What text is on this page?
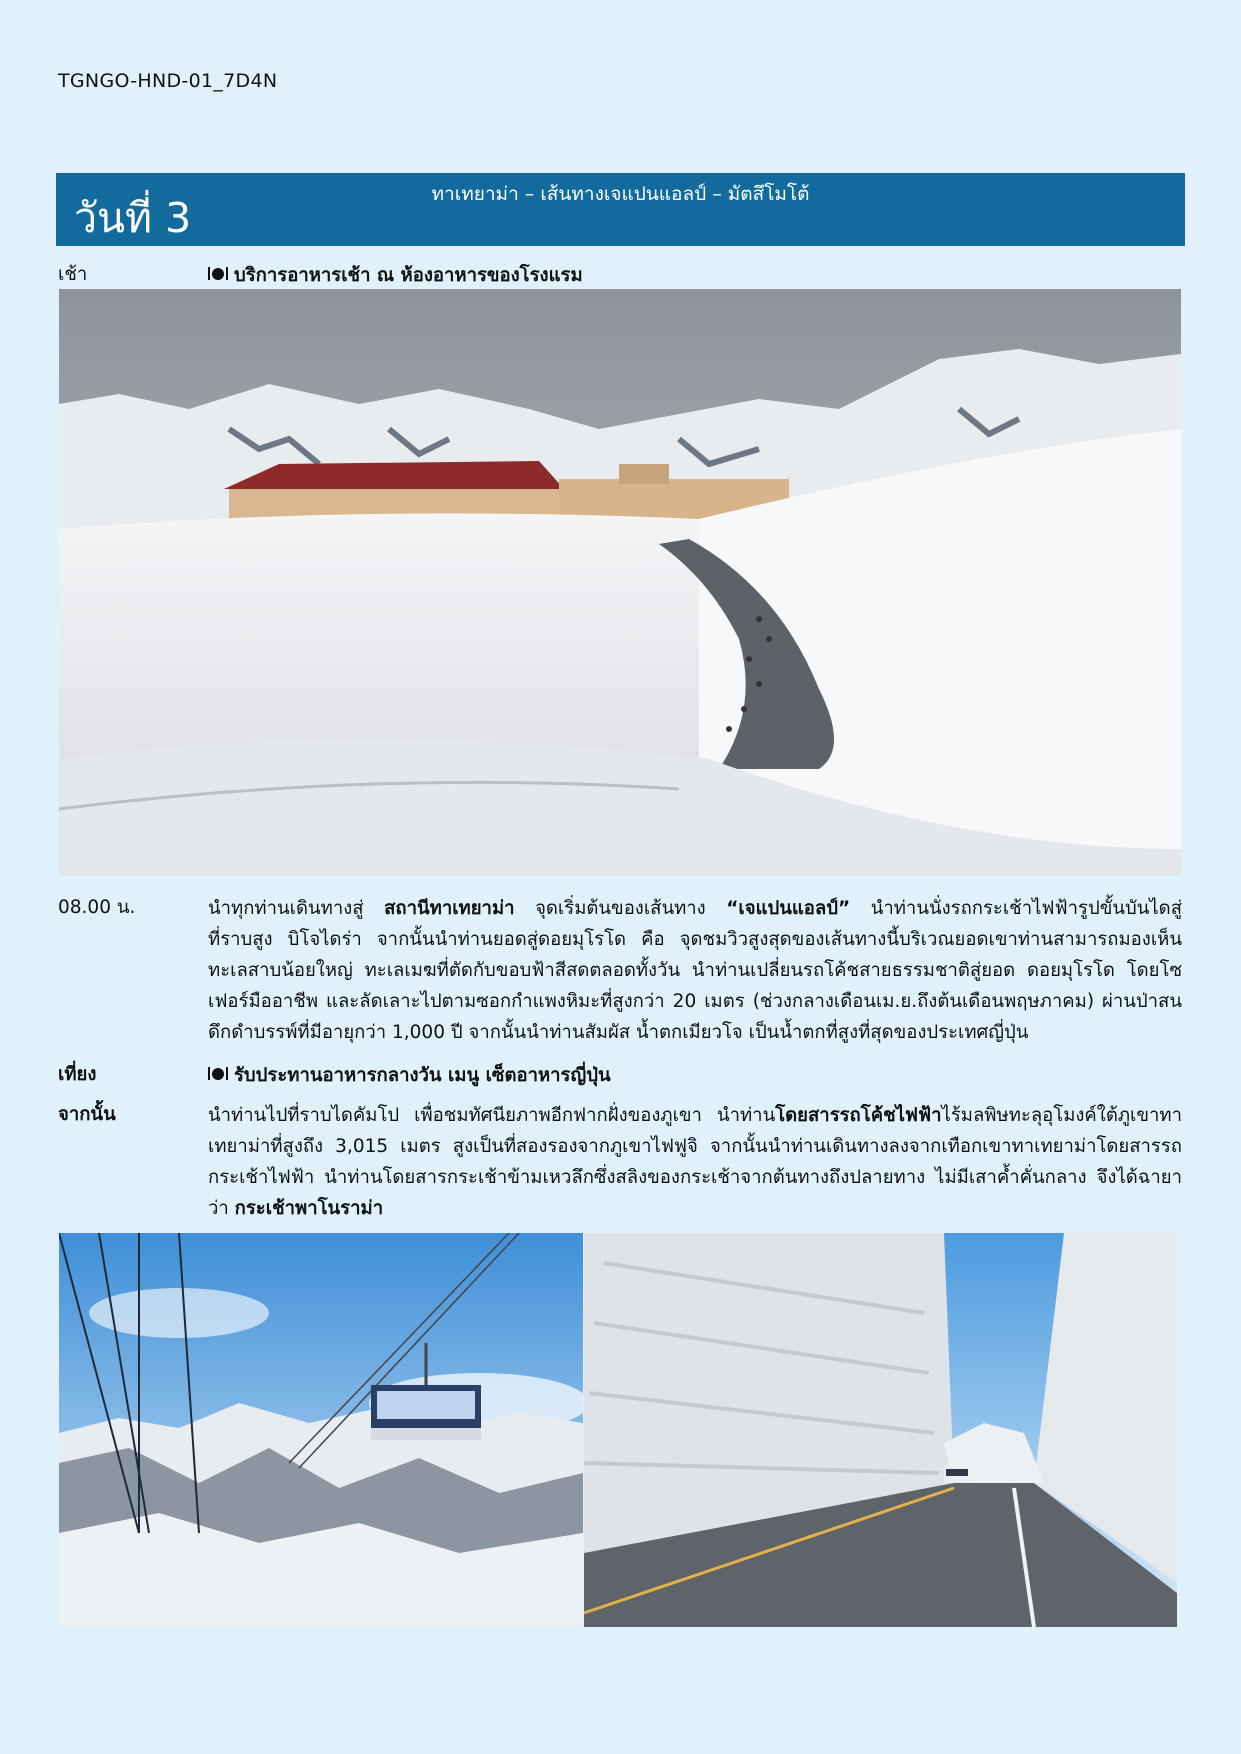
TGNGO-HND-01_7D4N
วันที่ 3	ทาเทยาม่า – เส้นทางเจแปนแอลป์ – มัตสึโมโต้
เช้า	บริการอาหารเช้า ณ ห้องอาหารของโรงแรม
08.00 น.	นำทุกท่านเดินทางสู่ สถานีทาเทยาม่า จุดเริ่มต้นของเส้นทาง “เจแปนแอลป์” นำท่านนั่งรถกระเช้าไฟฟ้ารูปขั้นบันไดสู่ที่ราบสูง บิโจไดร่า จากนั้นนำท่านยอดสู่ดอยมุโรโด คือ จุดชมวิวสูงสุดของเส้นทางนี้บริเวณยอดเขาท่านสามารถมองเห็นทะเลสาบน้อยใหญ่ ทะเลเมฆที่ตัดกับขอบฟ้าสีสดตลอดทั้งวัน นำท่านเปลี่ยนรถโค้ชสายธรรมชาติสู่ยอด ดอยมุโรโด โดยโซเฟอร์มืออาชีพ และลัดเลาะไปตามซอกกำแพงหิมะที่สูงกว่า 20 เมตร (ช่วงกลางเดือนเม.ย.ถึงต้นเดือนพฤษภาคม) ผ่านป่าสนดึกดำบรรพ์ที่มีอายุกว่า 1,000 ปี จากนั้นนำท่านสัมผัส น้ำตกเมียวโจ เป็นน้ำตกที่สูงที่สุดของประเทศญี่ปุ่น
เที่ยง	รับประทานอาหารกลางวัน เมนู เซ็ตอาหารญี่ปุ่น
จากนั้น	นำท่านไปที่ราบไดคัมโป เพื่อชมทัศนียภาพอีกฟากฝั่งของภูเขา นำท่านโดยสารรถโค้ชไฟฟ้าไร้มลพิษทะลุอุโมงค์ใต้ภูเขาทาเทยาม่าที่สูงถึง 3,015 เมตร สูงเป็นที่สองรองจากภูเขาไฟฟูจิ จากนั้นนำท่านเดินทางลงจากเทือกเขาทาเทยาม่าโดยสารรถกระเช้าไฟฟ้า นำท่านโดยสารกระเช้าข้ามเหวลึกซึ่งสลิงของกระเช้าจากต้นทางถึงปลายทาง ไม่มีเสาค้ำคั่นกลาง จึงได้ฉายาว่า กระเช้าพาโนราม่า
